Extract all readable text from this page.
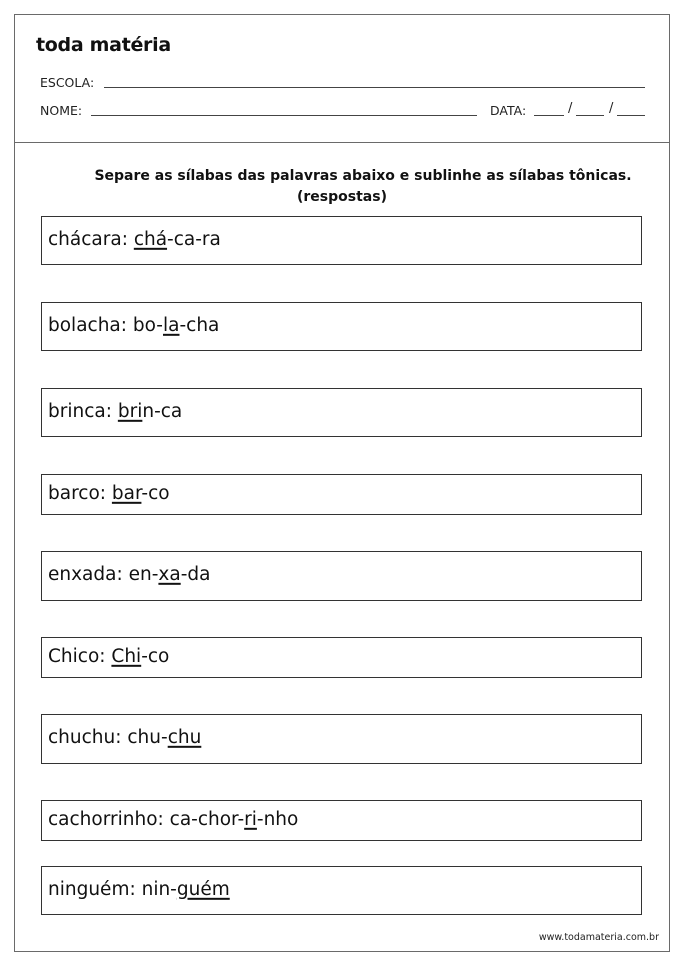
toda matéria
ESCOLA:
NOME:	DATA:	/	/
Separe as sílabas das palavras abaixo e sublinhe as sílabas tônicas.
(respostas)
chácara: chá-ca-ra
bolacha: bo-la-cha
brinca: brin-ca
barco: bar-co
enxada: en-xa-da
Chico: Chi-co
chuchu: chu-chu
cachorrinho: ca-chor-ri-nho
ninguém: nin-guém
www.todamateria.com.br
